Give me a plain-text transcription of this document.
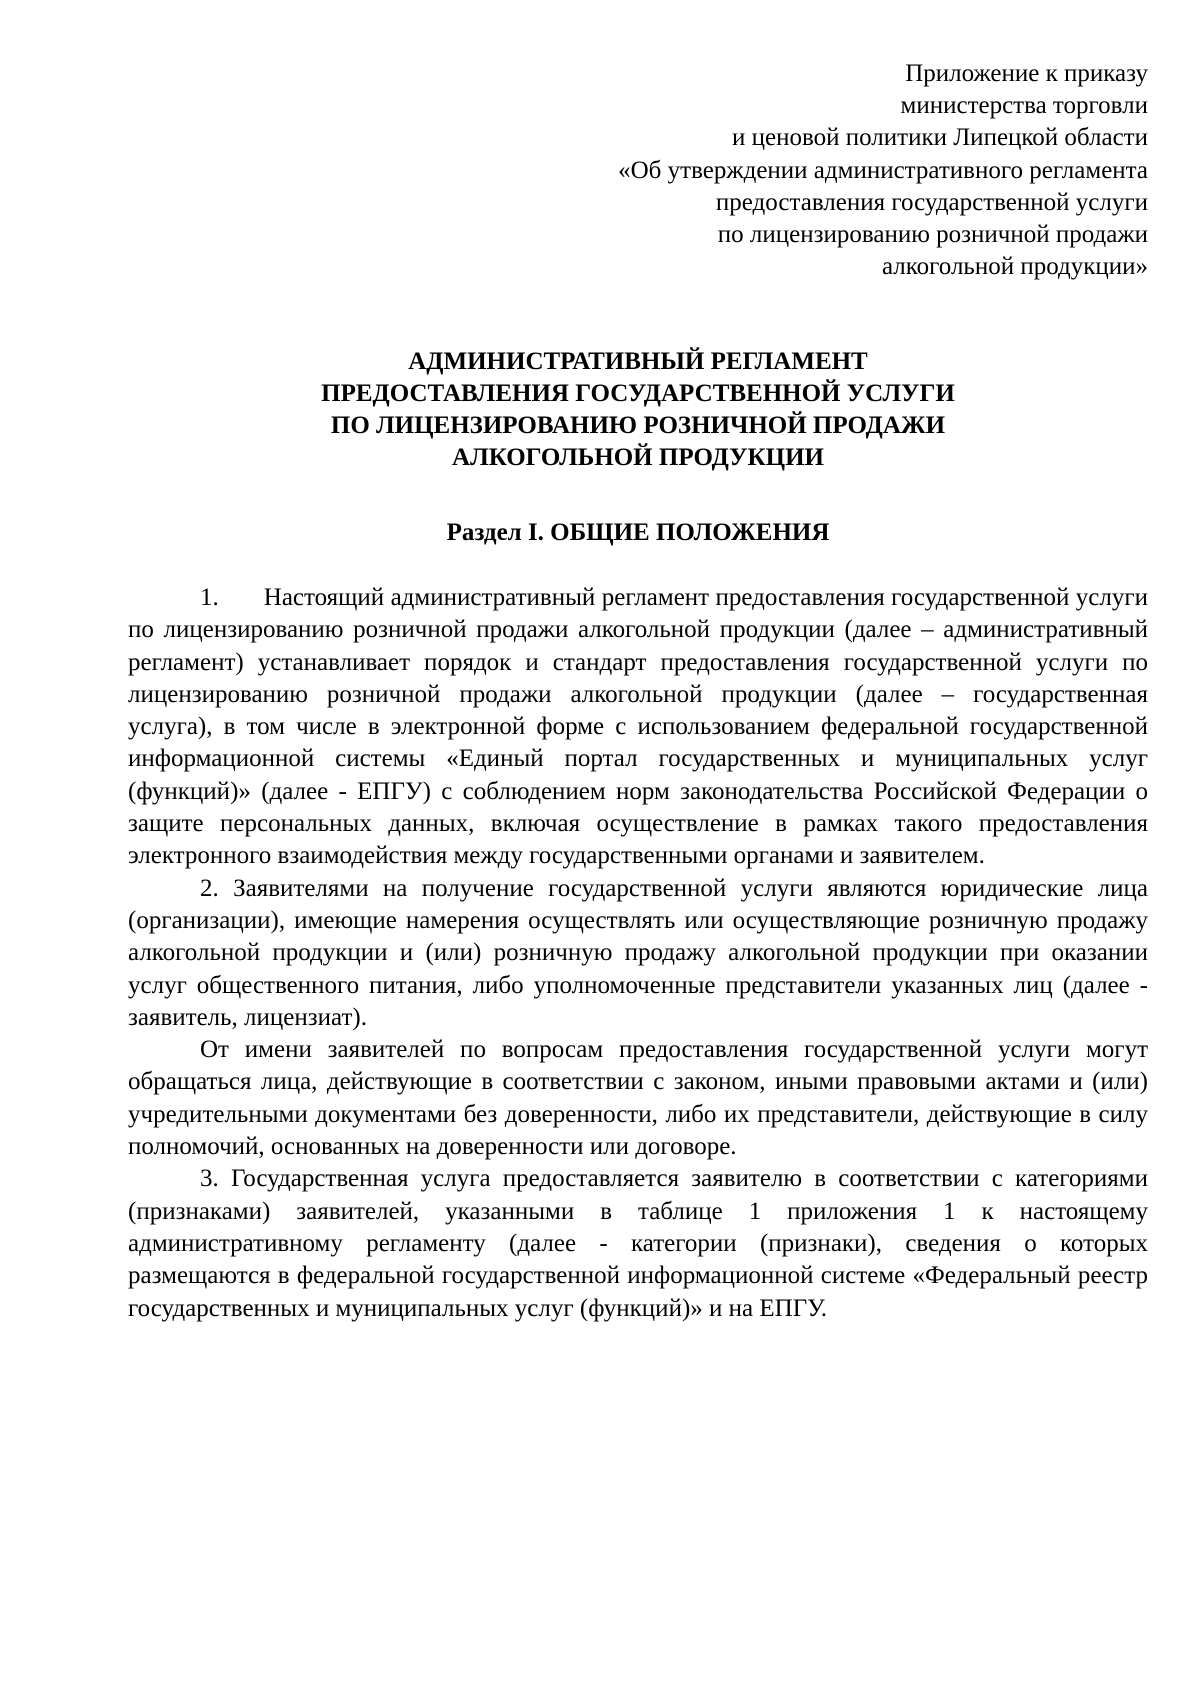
Приложение к приказу
министерства торговли
и ценовой политики Липецкой области
«Об утверждении административного регламента
предоставления государственной услуги
по лицензированию розничной продажи
алкогольной продукции»
АДМИНИСТРАТИВНЫЙ РЕГЛАМЕНТ
ПРЕДОСТАВЛЕНИЯ ГОСУДАРСТВЕННОЙ УСЛУГИ
ПО ЛИЦЕНЗИРОВАНИЮ РОЗНИЧНОЙ ПРОДАЖИ
АЛКОГОЛЬНОЙ ПРОДУКЦИИ
Раздел I. ОБЩИЕ ПОЛОЖЕНИЯ

1.       Настоящий административный регламент предоставления государственной услуги по лицензированию розничной продажи алкогольной продукции (далее – административный регламент) устанавливает порядок и стандарт предоставления государственной услуги по лицензированию розничной продажи алкогольной продукции (далее – государственная услуга), в том числе в электронной форме с использованием федеральной государственной информационной системы «Единый портал государственных и муниципальных услуг (функций)» (далее - ЕПГУ) с соблюдением норм законодательства Российской Федерации о защите персональных данных, включая осуществление в рамках такого предоставления электронного взаимодействия между государственными органами и заявителем.

2. Заявителями на получение государственной услуги являются юридические лица (организации), имеющие намерения осуществлять или осуществляющие розничную продажу алкогольной продукции и (или) розничную продажу алкогольной продукции при оказании услуг общественного питания, либо уполномоченные представители указанных лиц (далее - заявитель, лицензиат).

От имени заявителей по вопросам предоставления государственной услуги могут обращаться лица, действующие в соответствии с законом, иными правовыми актами и (или) учредительными документами без доверенности, либо их представители, действующие в силу полномочий, основанных на доверенности или договоре.

3. Государственная услуга предоставляется заявителю в соответствии с категориями (признаками) заявителей, указанными в таблице 1 приложения 1 к настоящему административному регламенту (далее - категории (признаки), сведения о которых размещаются в федеральной государственной информационной системе «Федеральный реестр государственных и муниципальных услуг (функций)» и на ЕПГУ.
